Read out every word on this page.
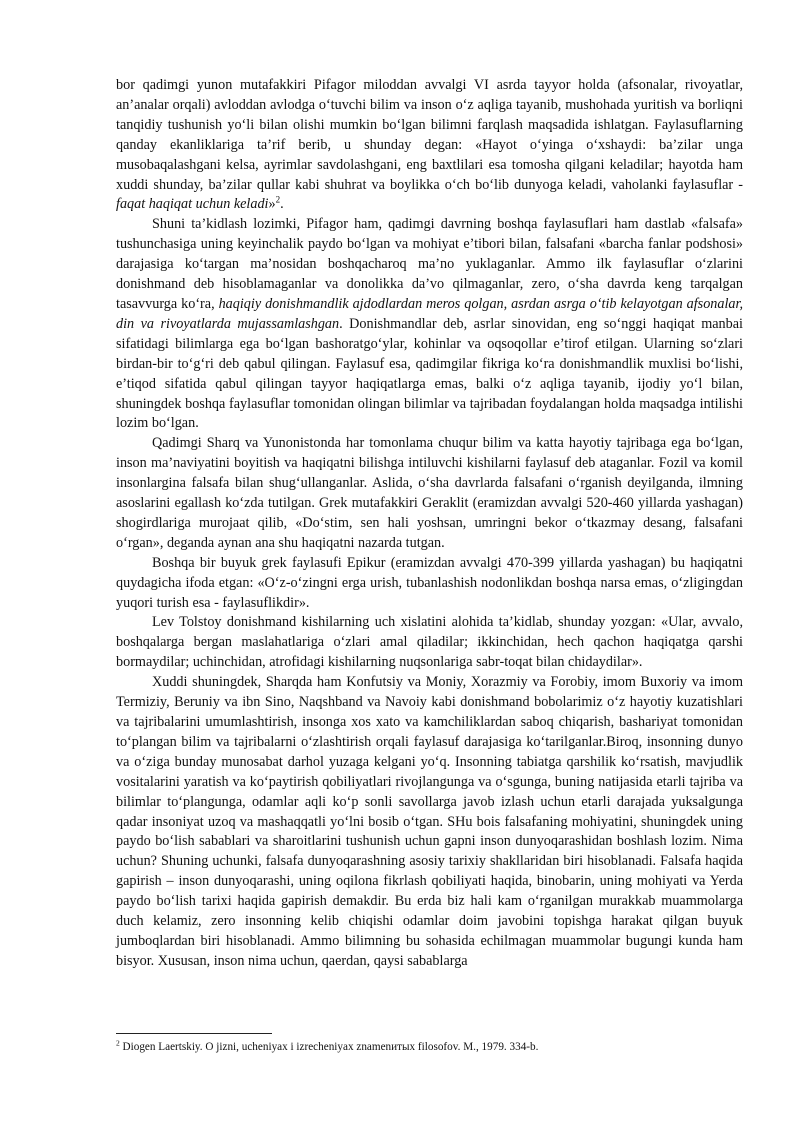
bor qadimgi yunon mutafakkiri Pifagor miloddan avvalgi VI asrda tayyor holda (afsonalar, rivoyatlar, an’analar orqali) avloddan avlodga o‘tuvchi bilim va inson o‘z aqliga tayanib, mushohada yuritish va borliqni tanqidiy tushunish yo‘li bilan olishi mumkin bo‘lgan bilimni farqlash maqsadida ishlatgan. Faylasuflarning qanday ekanliklariga ta’rif berib, u shunday degan: «Hayot o‘yinga o‘xshaydi: ba’zilar unga musobaqalashgani kelsa, ayrimlar savdolashgani, eng baxtlilari esa tomosha qilgani keladilar; hayotda ham xuddi shunday, ba’zilar qullar kabi shuhrat va boylikka o‘ch bo‘lib dunyoga keladi, vaholanki faylasuflar - faqat haqiqat uchun keladi»$^2$.

Shuni ta’kidlash lozimki, Pifagor ham, qadimgi davrning boshqa faylasuflari ham dastlab «falsafa» tushunchasiga uning keyinchalik paydo bo‘lgan va mohiyat e’tibori bilan, falsafani «barcha fanlar podshosi» darajasiga ko‘targan ma’nosidan boshqacharoq ma’no yuklaganlar. Ammo ilk faylasuflar o‘zlarini donishmand deb hisoblamaganlar va donolikka da’vo qilmaganlar, zero, o‘sha davrda keng tarqalgan tasavvurga ko‘ra, haqiqiy donishmandlik ajdodlardan meros qolgan, asrdan asrga o‘tib kelayotgan afsonalar, din va rivoyatlarda mujassamlashgan. Donishmandlar deb, asrlar sinovidan, eng so‘nggi haqiqat manbai sifatidagi bilimlarga ega bo‘lgan bashoratgo‘ylar, kohinlar va oqsoqollar e’tirof etilgan. Ularning so‘zlari birdan-bir to‘g‘ri deb qabul qilingan. Faylasuf esa, qadimgilar fikriga ko‘ra donishmandlik muxlisi bo‘lishi, e’tiqod sifatida qabul qilingan tayyor haqiqatlarga emas, balki o‘z aqliga tayanib, ijodiy yo‘l bilan, shuningdek boshqa faylasuflar tomonidan olingan bilimlar va tajribadan foydalangan holda maqsadga intilishi lozim bo‘lgan.

Qadimgi Sharq va Yunonistonda har tomonlama chuqur bilim va katta hayotiy tajribaga ega bo‘lgan, inson ma’naviyatini boyitish va haqiqatni bilishga intiluvchi kishilarni faylasuf deb ataganlar. Fozil va komil insonlargina falsafa bilan shug‘ullanganlar. Aslida, o‘sha davrlarda falsafani o‘rganish deyilganda, ilmning asoslarini egallash ko‘zda tutilgan. Grek mutafakkiri Geraklit (eramizdan avvalgi 520-460 yillarda yashagan) shogirdlariga murojaat qilib, «Do‘stim, sen hali yoshsan, umringni bekor o‘tkazmay desang, falsafani o‘rgan», deganda aynan ana shu haqiqatni nazarda tutgan.

Boshqa bir buyuk grek faylasufi Epikur (eramizdan avvalgi 470-399 yillarda yashagan) bu haqiqatni quydagicha ifoda etgan: «O‘z-o‘zingni erga urish, tubanlashish nodonlikdan boshqa narsa emas, o‘zligingdan yuqori turish esa - faylasuflikdir».

Lev Tolstoy donishmand kishilarning uch xislatini alohida ta’kidlab, shunday yozgan: «Ular, avvalo, boshqalarga bergan maslahatlariga o‘zlari amal qiladilar; ikkinchidan, hech qachon haqiqatga qarshi bormaydilar; uchinchidan, atrofidagi kishilarning nuqsonlariga sabr-toqat bilan chidaydilar».

Xuddi shuningdek, Sharqda ham Konfutsiy va Moniy, Xorazmiy va Forobiy, imom Buxoriy va imom Termiziy, Beruniy va ibn Sino, Naqshband va Navoiy kabi donishmand bobolarimiz o‘z hayotiy kuzatishlari va tajribalarini umumlashtirish, insonga xos xato va kamchiliklardan saboq chiqarish, bashariyat tomonidan to‘plangan bilim va tajribalarni o‘zlashtirish orqali faylasuf darajasiga ko‘tarilganlar.Biroq, insonning dunyo va o‘ziga bunday munosabat darhol yuzaga kelgani yo‘q. Insonning tabiatga qarshilik ko‘rsatish, mavjudlik vositalarini yaratish va ko‘paytirish qobiliyatlari rivojlangunga va o‘sgunga, buning natijasida etarli tajriba va bilimlar to‘plangunga, odamlar aqli ko‘p sonli savollarga javob izlash uchun etarli darajada yuksalgunga qadar insoniyat uzoq va mashaqqatli yo‘lni bosib o‘tgan. SHu bois falsafaning mohiyatini, shuningdek uning paydo bo‘lish sabablari va sharoitlarini tushunish uchun gapni inson dunyoqarashidan boshlash lozim. Nima uchun? Shuning uchunki, falsafa dunyoqarashning asosiy tarixiy shakllaridan biri hisoblanadi. Falsafa haqida gapirish – inson dunyoqarashi, uning oqilona fikrlash qobiliyati haqida, binobarin, uning mohiyati va Yerda paydo bo‘lish tarixi haqida gapirish demakdir. Bu erda biz hali kam o‘rganilgan murakkab muammolarga duch kelamiz, zero insonning kelib chiqishi odamlar doim javobini topishga harakat qilgan buyuk jumboqlardan biri hisoblanadi. Ammo bilimning bu sohasida echilmagan muammolar bugungi kunda ham bisyor. Xususan, inson nima uchun, qaerdan, qaysi sabablarga

$^2$ Diogen Laertskiy. O jizni, ucheniyax i izrecheniyax znamenитых filosofov. M., 1979. 334-b.
